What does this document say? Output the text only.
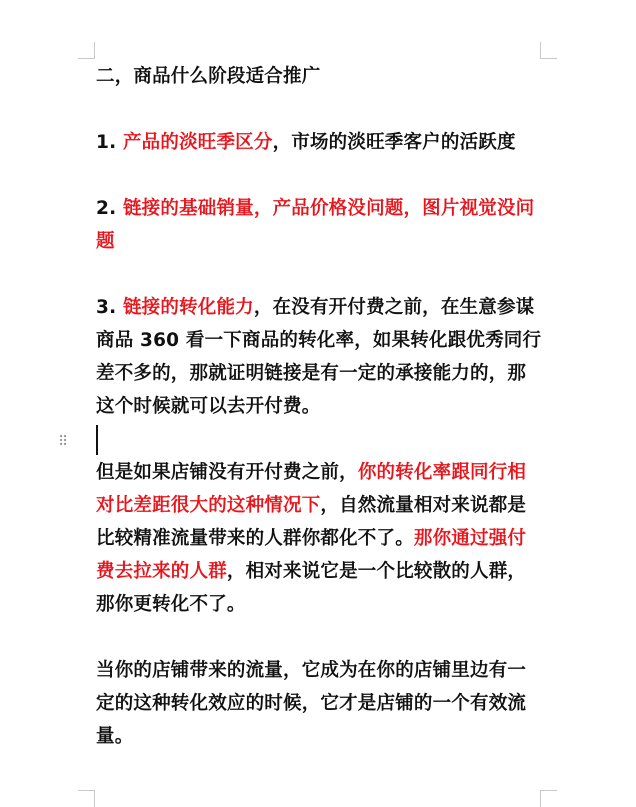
⠿

二，商品什么阶段适合推广

1. 产品的淡旺季区分，市场的淡旺季客户的活跃度

2. 链接的基础销量，产品价格没问题，图片视觉没问题

3. 链接的转化能力，在没有开付费之前，在生意参谋商品 360 看一下商品的转化率，如果转化跟优秀同行差不多的，那就证明链接是有一定的承接能力的，那这个时候就可以去开付费。

但是如果店铺没有开付费之前，你的转化率跟同行相对比差距很大的这种情况下，自然流量相对来说都是比较精准流量带来的人群你都化不了。那你通过强付费去拉来的人群，相对来说它是一个比较散的人群，那你更转化不了。

当你的店铺带来的流量，它成为在你的店铺里边有一定的这种转化效应的时候，它才是店铺的一个有效流量。
